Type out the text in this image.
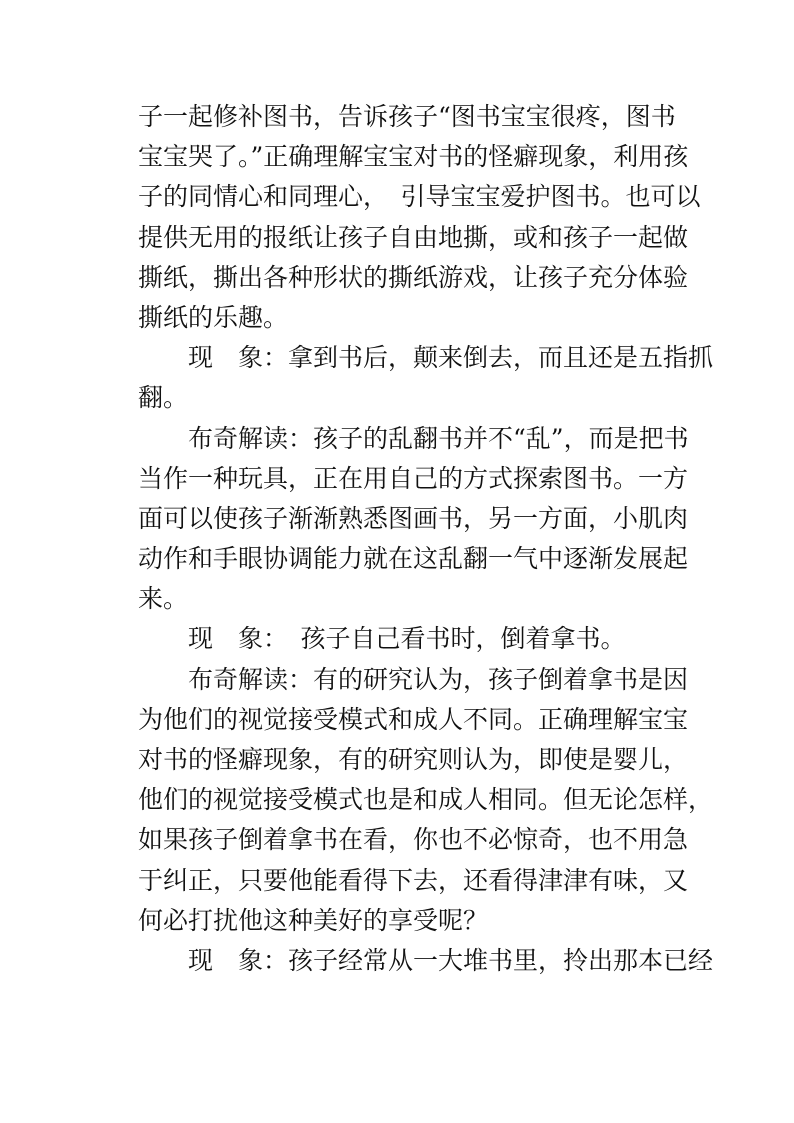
子一起修补图书，告诉孩子“图书宝宝很疼，图书
宝宝哭了。”正确理解宝宝对书的怪癖现象，利用孩
子的同情心和同理心，　引导宝宝爱护图书。也可以
提供无用的报纸让孩子自由地撕，或和孩子一起做
撕纸，撕出各种形状的撕纸游戏，让孩子充分体验
撕纸的乐趣。
　　现　象：拿到书后，颠来倒去，而且还是五指抓
翻。
　　布奇解读：孩子的乱翻书并不“乱”，而是把书
当作一种玩具，正在用自己的方式探索图书。一方
面可以使孩子渐渐熟悉图画书，另一方面，小肌肉
动作和手眼协调能力就在这乱翻一气中逐渐发展起
来。
　　现　象：　孩子自己看书时，倒着拿书。
　　布奇解读：有的研究认为，孩子倒着拿书是因
为他们的视觉接受模式和成人不同。正确理解宝宝
对书的怪癖现象，有的研究则认为，即使是婴儿，
他们的视觉接受模式也是和成人相同。但无论怎样，
如果孩子倒着拿书在看，你也不必惊奇，也不用急
于纠正，只要他能看得下去，还看得津津有味，又
何必打扰他这种美好的享受呢？
　　现　象：孩子经常从一大堆书里，拎出那本已经
